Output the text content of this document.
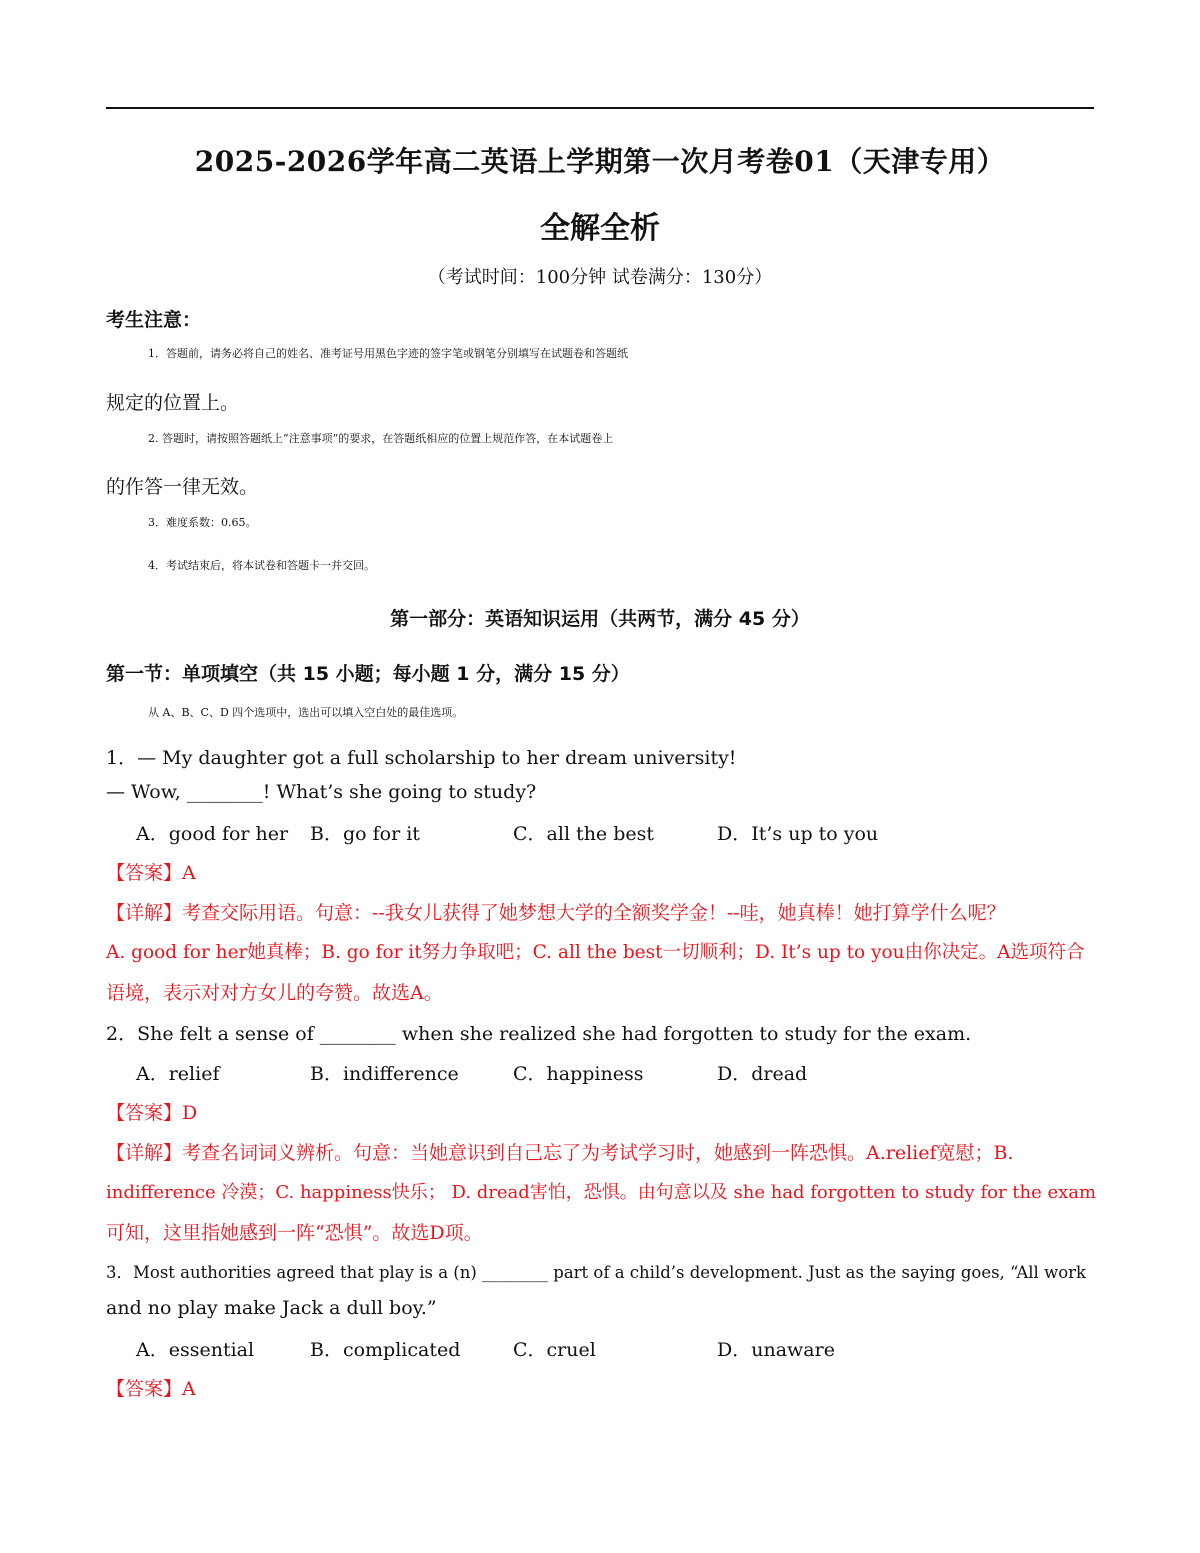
2025-2026学年高二英语上学期第一次月考卷01（天津专用）
全解全析
（考试时间：100分钟 试卷满分：130分）
考生注意：
1．答题前，请务必将自己的姓名、准考证号用黑色字迹的签字笔或钢笔分别填写在试题卷和答题纸
规定的位置上。
2. 答题时，请按照答题纸上“注意事项”的要求，在答题纸相应的位置上规范作答，在本试题卷上
的作答一律无效。
3．难度系数：0.65。
4．考试结束后，将本试卷和答题卡一并交回。
第一部分：英语知识运用（共两节，满分 45 分）
第一节：单项填空（共 15 小题；每小题 1 分，满分 15 分）
从 A、B、C、D 四个选项中，选出可以填入空白处的最佳选项。
1．— My daughter got a full scholarship to her dream university!
— Wow, ________! What’s she going to study?
A．good for her B．go for it	C．all the best	D．It’s up to you
【答案】A
【详解】考查交际用语。句意：--我女儿获得了她梦想大学的全额奖学金！--哇，她真棒！她打算学什么呢？
A. good for her她真棒；B. go for it努力争取吧；C. all the best一切顺利；D. It’s up to you由你决定。A选项符合
语境，表示对对方女儿的夸赞。故选A。
2．She felt a sense of ________ when she realized she had forgotten to study for the exam.
A．relief	B．indifference	C．happiness	D．dread
【答案】D
【详解】考查名词词义辨析。句意：当她意识到自己忘了为考试学习时，她感到一阵恐惧。A.relief宽慰；B.
indifference 冷漠；C. happiness快乐； D. dread害怕，恐惧。由句意以及 she had forgotten to study for the exam
可知，这里指她感到一阵“恐惧”。故选D项。
3．Most authorities agreed that play is a (n) ________ part of a child’s development. Just as the saying goes, “All work
and no play make Jack a dull boy.”
A．essential	B．complicated	C．cruel	D．unaware
【答案】A
